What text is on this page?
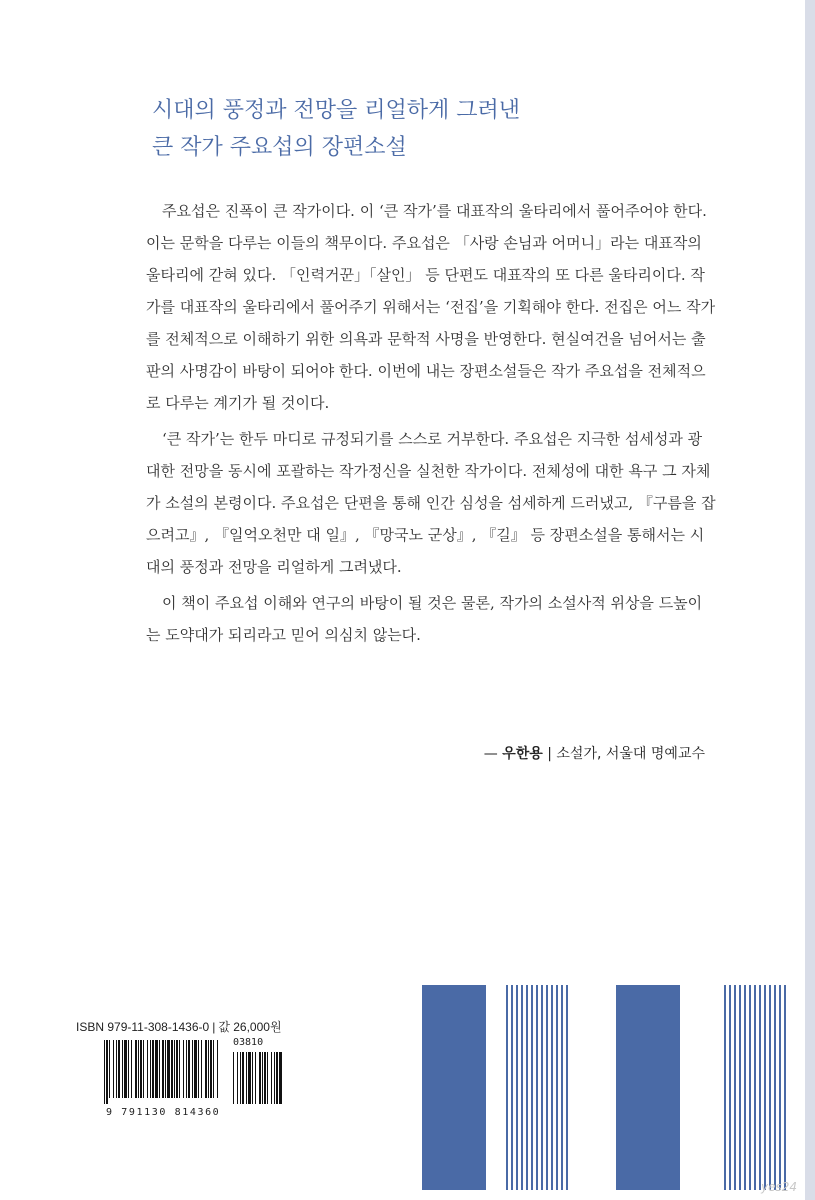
시대의 풍정과 전망을 리얼하게 그려낸
큰 작가 주요섭의 장편소설

주요섭은 진폭이 큰 작가이다. 이 ‘큰 작가’를 대표작의 울타리에서 풀어주어야 한다. 이는 문학을 다루는 이들의 책무이다. 주요섭은 「사랑 손님과 어머니」라는 대표작의 울타리에 갇혀 있다. 「인력거꾼」「살인」 등 단편도 대표작의 또 다른 울타리이다. 작가를 대표작의 울타리에서 풀어주기 위해서는 ‘전집’을 기획해야 한다. 전집은 어느 작가를 전체적으로 이해하기 위한 의욕과 문학적 사명을 반영한다. 현실여건을 넘어서는 출판의 사명감이 바탕이 되어야 한다. 이번에 내는 장편소설들은 작가 주요섭을 전체적으로 다루는 계기가 될 것이다.

‘큰 작가’는 한두 마디로 규정되기를 스스로 거부한다. 주요섭은 지극한 섬세성과 광대한 전망을 동시에 포괄하는 작가정신을 실천한 작가이다. 전체성에 대한 욕구 그 자체가 소설의 본령이다. 주요섭은 단편을 통해 인간 심성을 섬세하게 드러냈고, 『구름을 잡으려고』, 『일억오천만 대 일』, 『망국노 군상』, 『길』 등 장편소설을 통해서는 시대의 풍정과 전망을 리얼하게 그려냈다.

이 책이 주요섭 이해와 연구의 바탕이 될 것은 물론, 작가의 소설사적 위상을 드높이는 도약대가 되리라고 믿어 의심치 않는다.

— 우한용 | 소설가, 서울대 명예교수
ISBN 979-11-308-1436-0 | 값 26,000원
03810
9 791130 814360
yes24
